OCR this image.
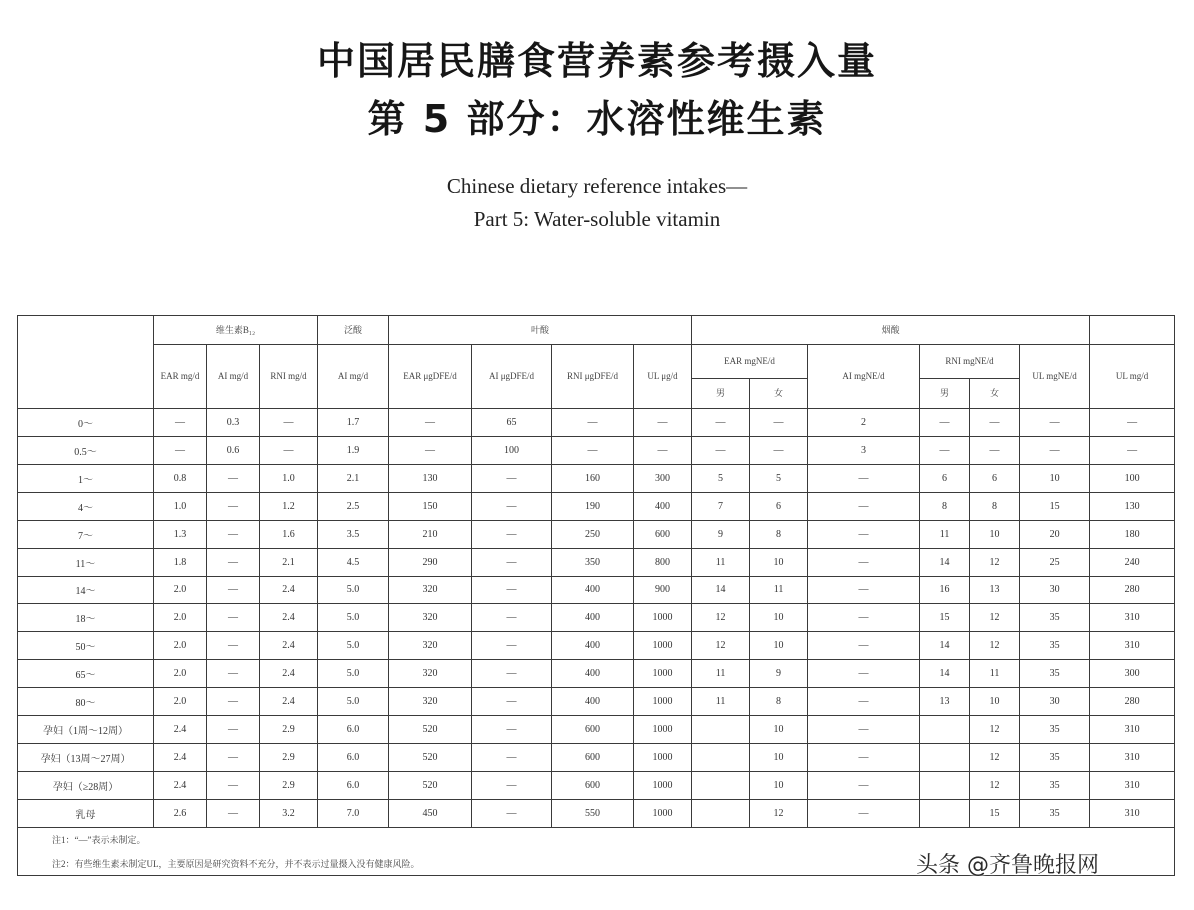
中国居民膳食营养素参考摄入量
第 5 部分：水溶性维生素
Chinese dietary reference intakes—
Part 5: Water-soluble vitamin
	维生素B₁₂			泛酸	叶酸				烟酸						
	EAR mg/d	AI mg/d	RNI mg/d	AI mg/d	EAR μgDFE/d	AI μgDFE/d	RNI μgDFE/d	UL μg/d	EAR mgNE/d		AI mgNE/d	RNI mgNE/d		UL mgNE/d	UL mg/d
									男	女		男	女		
0～	—	0.3	—	1.7	—	65	—	—	—	—	2	—	—	—	—
0.5～	—	0.6	—	1.9	—	100	—	—	—	—	3	—	—	—	—
1～	0.8	—	1.0	2.1	130	—	160	300	5	5	—	6	6	10	100
4～	1.0	—	1.2	2.5	150	—	190	400	7	6	—	8	8	15	130
7～	1.3	—	1.6	3.5	210	—	250	600	9	8	—	11	10	20	180
11～	1.8	—	2.1	4.5	290	—	350	800	11	10	—	14	12	25	240
14～	2.0	—	2.4	5.0	320	—	400	900	14	11	—	16	13	30	280
18～	2.0	—	2.4	5.0	320	—	400	1000	12	10	—	15	12	35	310
50～	2.0	—	2.4	5.0	320	—	400	1000	12	10	—	14	12	35	310
65～	2.0	—	2.4	5.0	320	—	400	1000	11	9	—	14	11	35	300
80～	2.0	—	2.4	5.0	320	—	400	1000	11	8	—	13	10	30	280
孕妇（1周～12周）	2.4	—	2.9	6.0	520	—	600	1000		10	—		12	35	310
孕妇（13周～27周）	2.4	—	2.9	6.0	520	—	600	1000		10	—		12	35	310
孕妇（≥28周）	2.4	—	2.9	6.0	520	—	600	1000		10	—		12	35	310
乳母	2.6	—	3.2	7.0	450	—	550	1000		12	—		15	35	310
注1：“—”表示未制定。															
注2：有些维生素未制定UL，主要原因是研究资料不充分，并不表示过量摄入没有健康风险。																头条 @齐鲁晚报网
